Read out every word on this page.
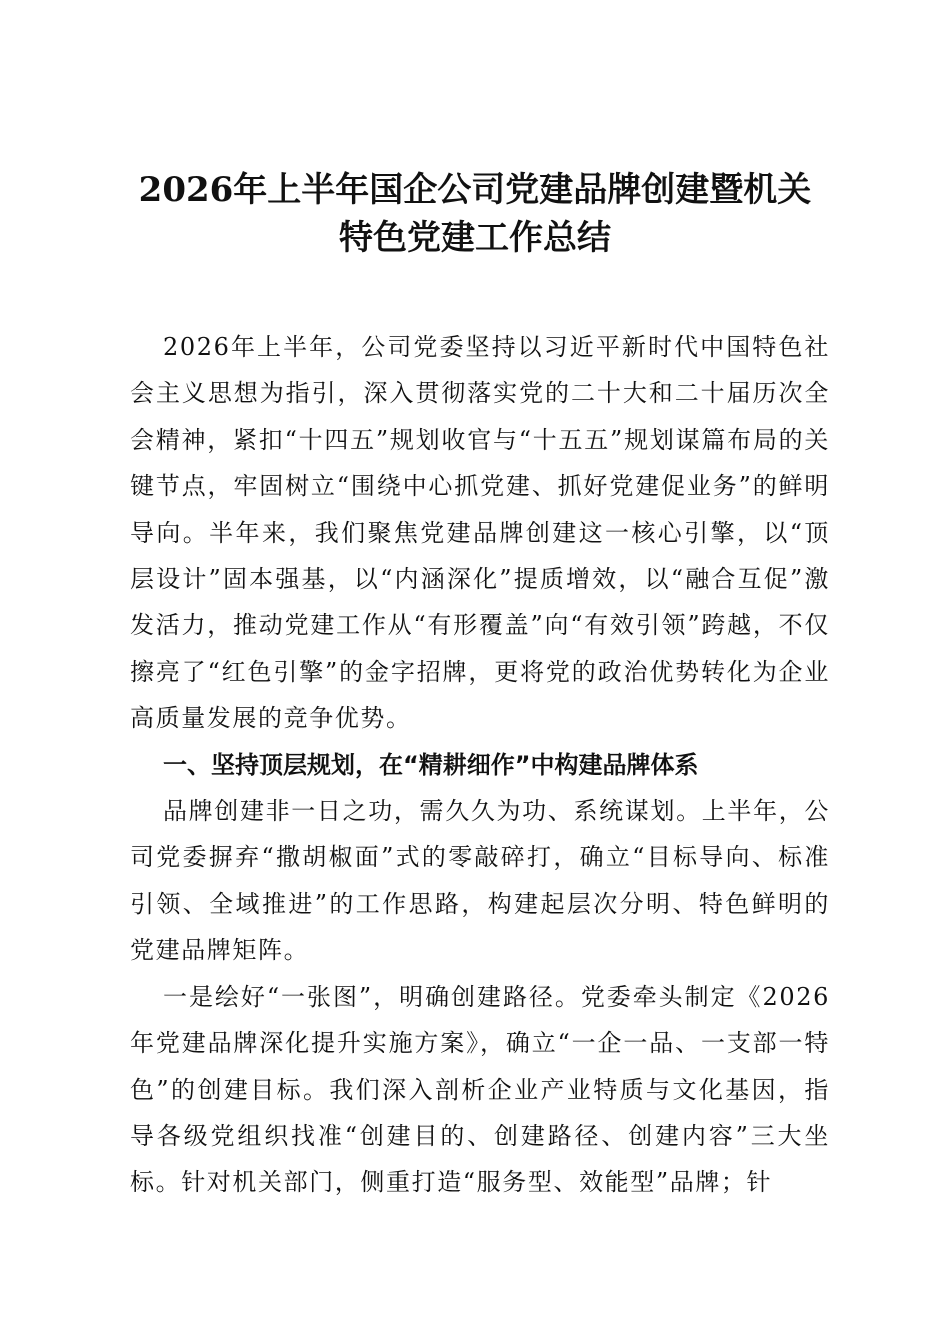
2026年上半年国企公司党建品牌创建暨机关
特色党建工作总结

2026年上半年，公司党委坚持以习近平新时代中国特色社会主义思想为指引，深入贯彻落实党的二十大和二十届历次全会精神，紧扣“十四五”规划收官与“十五五”规划谋篇布局的关键节点，牢固树立“围绕中心抓党建、抓好党建促业务”的鲜明导向。半年来，我们聚焦党建品牌创建这一核心引擎，以“顶层设计”固本强基，以“内涵深化”提质增效，以“融合互促”激发活力，推动党建工作从“有形覆盖”向“有效引领”跨越，不仅擦亮了“红色引擎”的金字招牌，更将党的政治优势转化为企业高质量发展的竞争优势。

一、坚持顶层规划，在“精耕细作”中构建品牌体系

品牌创建非一日之功，需久久为功、系统谋划。上半年，公司党委摒弃“撒胡椒面”式的零敲碎打，确立“目标导向、标准引领、全域推进”的工作思路，构建起层次分明、特色鲜明的党建品牌矩阵。

一是绘好“一张图”，明确创建路径。党委牵头制定《2026年党建品牌深化提升实施方案》，确立“一企一品、一支部一特色”的创建目标。我们深入剖析企业产业特质与文化基因，指导各级党组织找准“创建目的、创建路径、创建内容”三大坐标。针对机关部门，侧重打造“服务型、效能型”品牌；针
